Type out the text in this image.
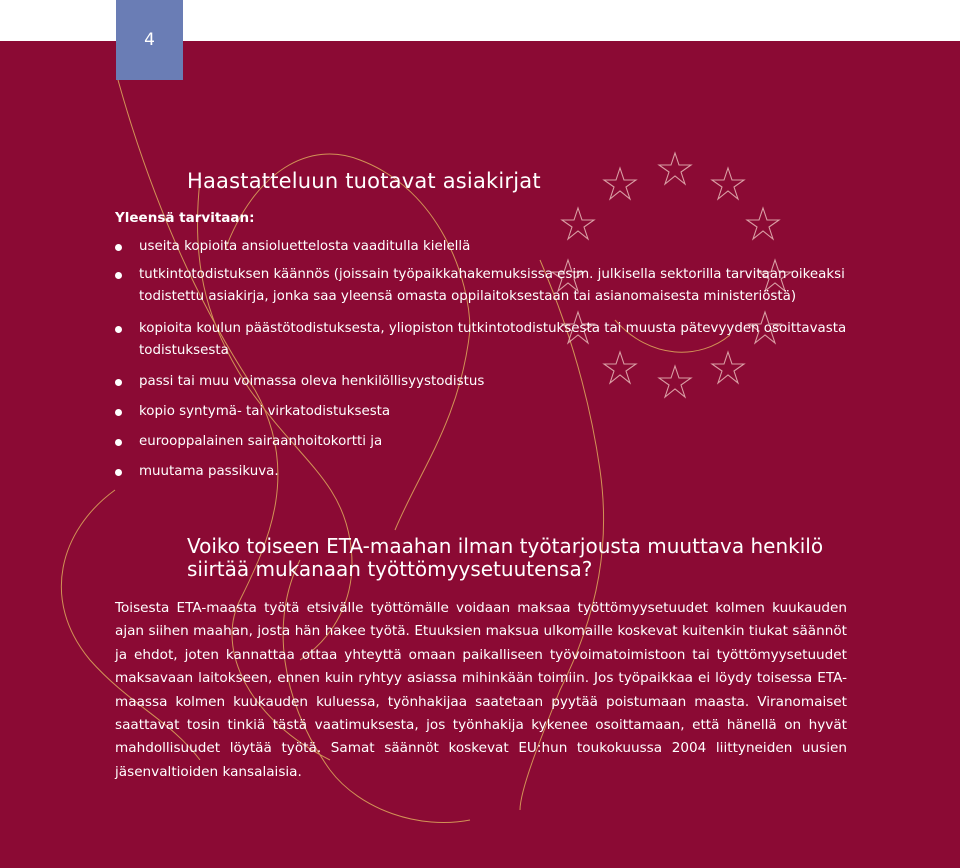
4
Haastatteluun tuotavat asiakirjat
Yleensä tarvitaan:
useita kopioita ansioluettelosta vaaditulla kielellä
tutkintotodistuksen käännös (joissain työpaikkahakemuksissa esim. julkisella sektorilla tarvitaan oikeaksi todistettu asiakirja, jonka saa yleensä omasta oppilaitoksestaan tai asianomaisesta ministeriöstä)
kopioita koulun päästötodistuksesta, yliopiston tutkintotodistuksesta tai muusta pätevyyden osoittavasta todistuksesta
passi tai muu voimassa oleva henkilöllisyystodistus
kopio syntymä- tai virkatodistuksesta
eurooppalainen sairaanhoitokortti ja
muutama passikuva.
Voiko toiseen ETA-maahan ilman työtarjousta muuttava henkilö siirtää mukanaan työttömyysetuutensa?

Toisesta ETA-maasta työtä etsivälle työttömälle voidaan maksaa työttömyysetuudet kolmen kuukauden ajan siihen maahan, josta hän hakee työtä. Etuuksien maksua ulkomaille koskevat kuitenkin tiukat säännöt ja ehdot, joten kannattaa ottaa yhteyttä omaan paikalliseen työvoimatoimistoon tai työttömyysetuudet maksavaan laitokseen, ennen kuin ryhtyy asiassa mihinkään toimiin. Jos työpaikkaa ei löydy toisessa ETA-maassa kolmen kuukauden kuluessa, työnhakijaa saatetaan pyytää poistumaan maasta. Viranomaiset saattavat tosin tinkiä tästä vaatimuksesta, jos työnhakija kykenee osoittamaan, että hänellä on hyvät mahdollisuudet löytää työtä. Samat säännöt koskevat EU:hun toukokuussa 2004 liittyneiden uusien jäsenvaltioiden kansalaisia.
